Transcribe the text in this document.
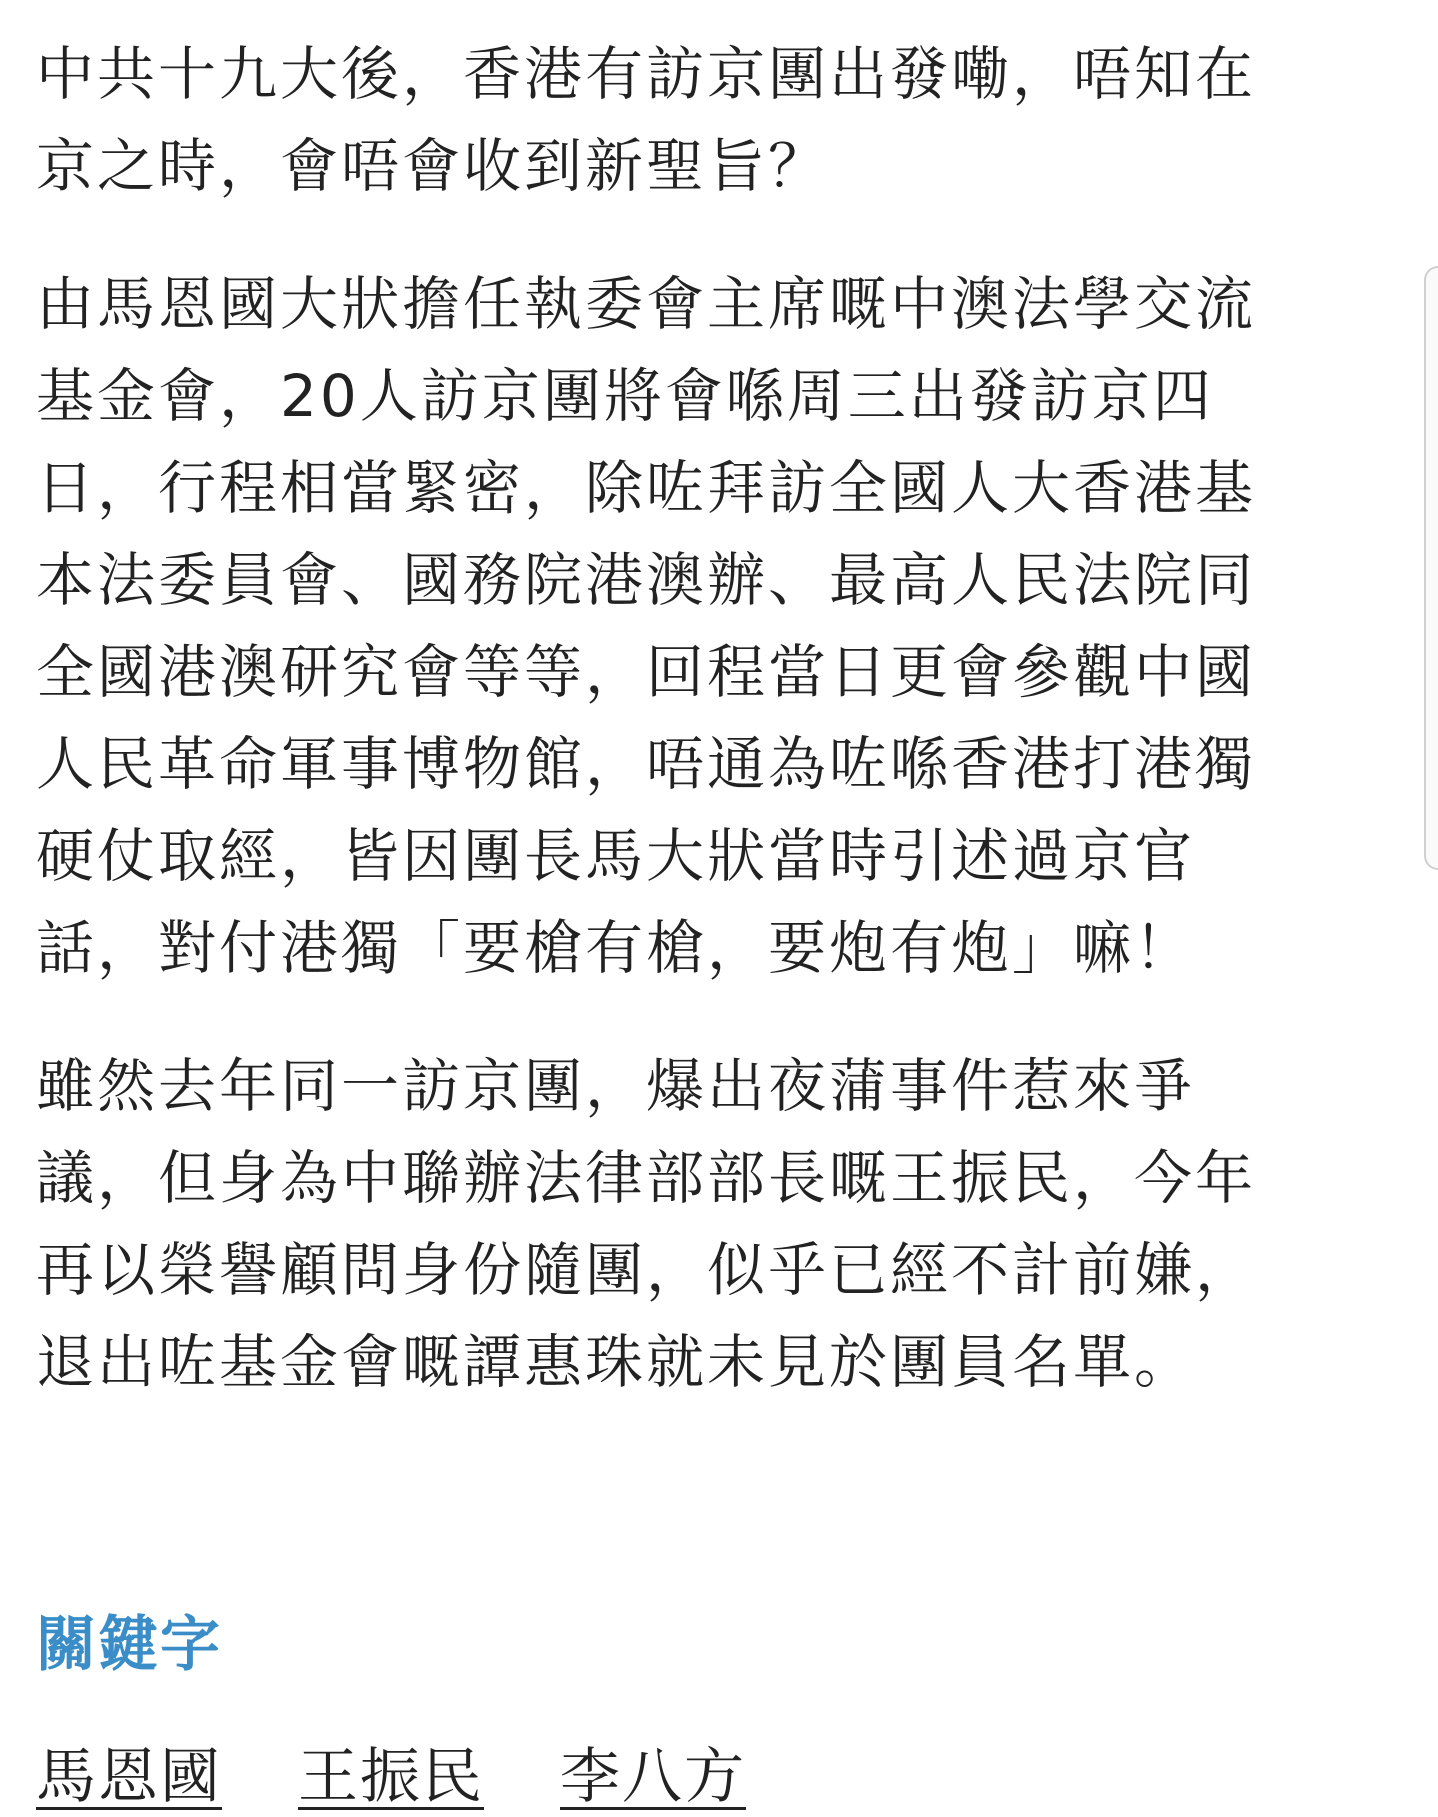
中共十九大後，香港有訪京團出發嘞，唔知在
京之時，會唔會收到新聖旨？

由馬恩國大狀擔任執委會主席嘅中澳法學交流
基金會，20人訪京團將會喺周三出發訪京四
日，行程相當緊密，除咗拜訪全國人大香港基
本法委員會、國務院港澳辦、最高人民法院同
全國港澳研究會等等，回程當日更會參觀中國
人民革命軍事博物館，唔通為咗喺香港打港獨
硬仗取經，皆因團長馬大狀當時引述過京官
話，對付港獨「要槍有槍，要炮有炮」嘛！

雖然去年同一訪京團，爆出夜蒲事件惹來爭
議，但身為中聯辦法律部部長嘅王振民，今年
再以榮譽顧問身份隨團，似乎已經不計前嫌，
退出咗基金會嘅譚惠珠就未見於團員名單。

關鍵字
馬恩國 王振民 李八方
